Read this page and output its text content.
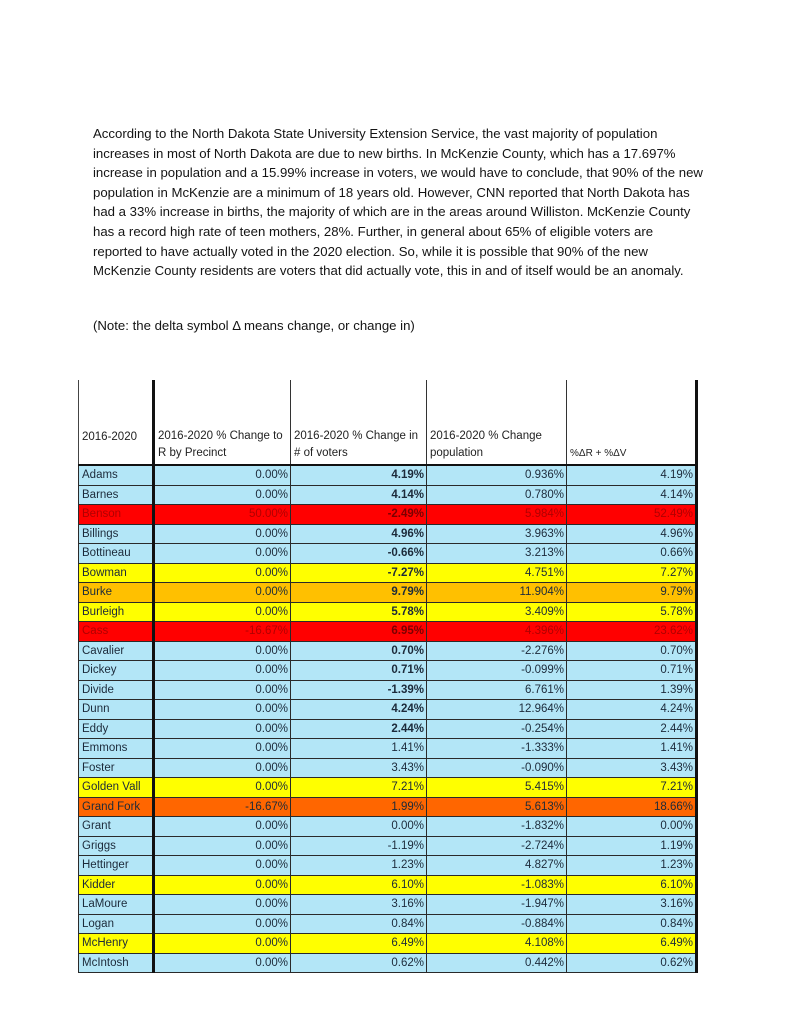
According to the North Dakota State University Extension Service, the vast majority of population increases in most of North Dakota are due to new births. In McKenzie County, which has a 17.697% increase in population and a 15.99% increase in voters, we would have to conclude, that 90% of the new population in McKenzie are a minimum of 18 years old. However, CNN reported that North Dakota has had a 33% increase in births, the majority of which are in the areas around Williston. McKenzie County has a record high rate of teen mothers, 28%. Further, in general about 65% of eligible voters are reported to have actually voted in the 2020 election. So, while it is possible that 90% of the new McKenzie County residents are voters that did actually vote, this in and of itself would be an anomaly.

(Note: the delta symbol Δ means change, or change in)

2016-2020	2016-2020 % Change to R by Precinct	2016-2020 % Change in # of voters	2016-2020 % Change population	%ΔR + %ΔV
Adams	0.00%	4.19%	0.936%	4.19%
Barnes	0.00%	4.14%	0.780%	4.14%
Benson	50.00%	-2.49%	5.984%	52.49%
Billings	0.00%	4.96%	3.963%	4.96%
Bottineau	0.00%	-0.66%	3.213%	0.66%
Bowman	0.00%	-7.27%	4.751%	7.27%
Burke	0.00%	9.79%	11.904%	9.79%
Burleigh	0.00%	5.78%	3.409%	5.78%
Cass	-16.67%	6.95%	4.396%	23.62%
Cavalier	0.00%	0.70%	-2.276%	0.70%
Dickey	0.00%	0.71%	-0.099%	0.71%
Divide	0.00%	-1.39%	6.761%	1.39%
Dunn	0.00%	4.24%	12.964%	4.24%
Eddy	0.00%	2.44%	-0.254%	2.44%
Emmons	0.00%	1.41%	-1.333%	1.41%
Foster	0.00%	3.43%	-0.090%	3.43%
Golden Vall	0.00%	7.21%	5.415%	7.21%
Grand Fork	-16.67%	1.99%	5.613%	18.66%
Grant	0.00%	0.00%	-1.832%	0.00%
Griggs	0.00%	-1.19%	-2.724%	1.19%
Hettinger	0.00%	1.23%	4.827%	1.23%
Kidder	0.00%	6.10%	-1.083%	6.10%
LaMoure	0.00%	3.16%	-1.947%	3.16%
Logan	0.00%	0.84%	-0.884%	0.84%
McHenry	0.00%	6.49%	4.108%	6.49%
McIntosh	0.00%	0.62%	0.442%	0.62%
